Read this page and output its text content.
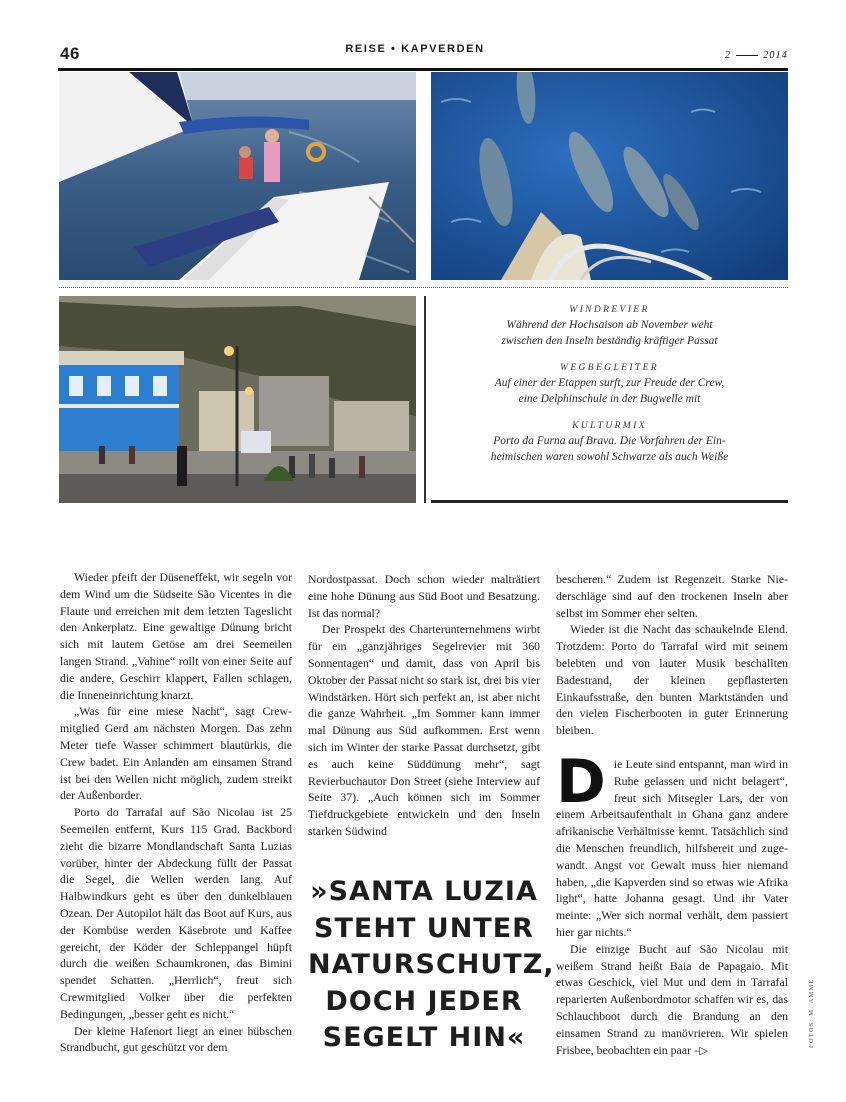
46	REISE • KAPVERDEN
2	2014
WINDREVIER
Während der Hochsaison ab November weht
zwischen den Inseln beständig kräftiger Passat
WEGBEGLEITER
Auf einer der Etappen surft, zur Freude der Crew,
eine Delphinschule in der Bugwelle mit
KULTURMIX
Porto da Furna auf Brava. Die Vorfahren der Ein-
heimischen waren sowohl Schwarze als auch Weiße

Wieder pfeift der Düseneffekt, wir segeln vor dem Wind um die Südseite São Vicentes in die Flaute und erreichen mit dem letzten Tageslicht den Ankerplatz. Eine gewaltige Dünung bricht sich mit lautem Getöse am drei Seemeilen langen Strand. „Vahine“ rollt von einer Seite auf die andere, Geschirr klappert, Fallen schlagen, die Inneneinrichtung knarzt.

„Was für eine miese Nacht“, sagt Crewmitglied Gerd am nächsten Morgen. Das zehn Meter tiefe Wasser schimmert blautürkis, die Crew badet. Ein Anlanden am einsamen Strand ist bei den Wellen nicht möglich, zudem streikt der Außenborder.

Porto do Tarrafal auf São Nicolau ist 25 Seemeilen entfernt, Kurs 115 Grad. Backbord zieht die bizarre Mondlandschaft Santa Luzias vorüber, hinter der Abdeckung füllt der Passat die Segel, die Wellen werden lang. Auf Halbwindkurs geht es über den dunkelblauen Ozean. Der Autopilot hält das Boot auf Kurs, aus der Kombüse werden Käsebrote und Kaffee gereicht, der Köder der Schleppangel hüpft durch die weißen Schaumkronen, das Bimini spendet Schatten. „Herrlich“, freut sich Crewmitglied Volker über die perfekten Bedingungen, „besser geht es nicht.“

Der kleine Hafenort liegt an einer hübschen Strandbucht, gut geschützt vor dem

Nordostpassat. Doch schon wieder malträtiert eine hohe Dünung aus Süd Boot und Besatzung. Ist das normal?

Der Prospekt des Charterunternehmens wirbt für ein „ganzjähriges Segelrevier mit 360 Sonnentagen“ und damit, dass von April bis Oktober der Passat nicht so stark ist, drei bis vier Windstärken. Hört sich perfekt an, ist aber nicht die ganze Wahrheit. „Im Sommer kann immer mal Dünung aus Süd aufkommen. Erst wenn sich im Winter der starke Passat durchsetzt, gibt es auch keine Süddünung mehr“, sagt Revierbuchautor Don Street (siehe Interview auf Seite 37). „Auch können sich im Sommer Tiefdruckgebiete entwickeln und den Inseln starken Südwind

»SANTA LUZIA
STEHT UNTER
NATURSCHUTZ,
DOCH JEDER
SEGELT HIN«

bescheren.“ Zudem ist Regenzeit. Starke Niederschläge sind auf den trockenen Inseln aber selbst im Sommer eher selten.

Wieder ist die Nacht das schaukelnde Elend. Trotzdem: Porto do Tarrafal wird mit seinem belebten und von lauter Musik beschallten Badestrand, der kleinen gepflasterten Einkaufsstraße, den bunten Marktständen und den vielen Fischerbooten in guter Erinnerung bleiben.

Die Leute sind entspannt, man wird in Ruhe gelassen und nicht belagert“, freut sich Mitsegler Lars, der von einem Arbeitsaufenthalt in Ghana ganz andere afrikanische Verhältnisse kennt. Tatsächlich sind die Menschen freundlich, hilfsbereit und zugewandt. Angst vor Gewalt muss hier niemand haben, „die Kapverden sind so etwas wie Afrika light“, hatte Johanna gesagt. Und ihr Vater meinte: „Wer sich normal verhält, dem passiert hier gar nichts.“

Die einzige Bucht auf São Nicolau mit weißem Strand heißt Baia de Papagaio. Mit etwas Geschick, viel Mut und dem in Tarrafal reparierten Außenbordmotor schaffen wir es, das Schlauchboot durch die Brandung an den einsamen Strand zu manövrieren. Wir spielen Frisbee, beobachten ein paar –▷

FOTOS: M. AMME
